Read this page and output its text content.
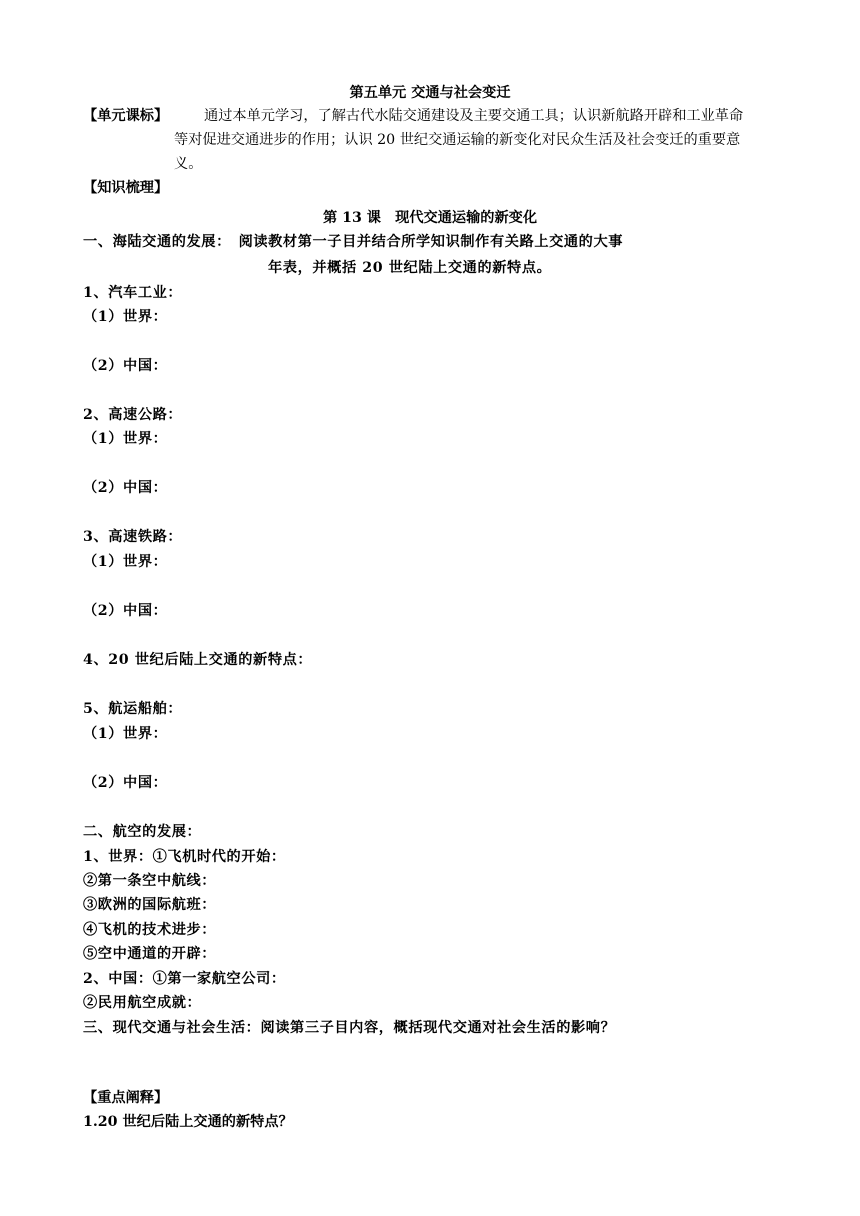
第五单元 交通与社会变迁
【单元课标】	通过本单元学习，了解古代水陆交通建设及主要交通工具；认识新航路开辟和工业革命
等对促进交通进步的作用；认识 20 世纪交通运输的新变化对民众生活及社会变迁的重要意
义。
【知识梳理】
第 13 课　现代交通运输的新变化
一、海陆交通的发展：　阅读教材第一子目并结合所学知识制作有关路上交通的大事
年表，并概括 20 世纪陆上交通的新特点。
1、汽车工业：
（1）世界：
（2）中国：
2、高速公路：
（1）世界：
（2）中国：
3、高速铁路：
（1）世界：
（2）中国：
4、20 世纪后陆上交通的新特点：
5、航运船舶：
（1）世界：
（2）中国：
二、航空的发展：
1、世界：①飞机时代的开始：
②第一条空中航线：
③欧洲的国际航班：
④飞机的技术进步：
⑤空中通道的开辟：
2、中国：①第一家航空公司：
②民用航空成就：
三、现代交通与社会生活：阅读第三子目内容，概括现代交通对社会生活的影响？
【重点阐释】
1.20 世纪后陆上交通的新特点？
